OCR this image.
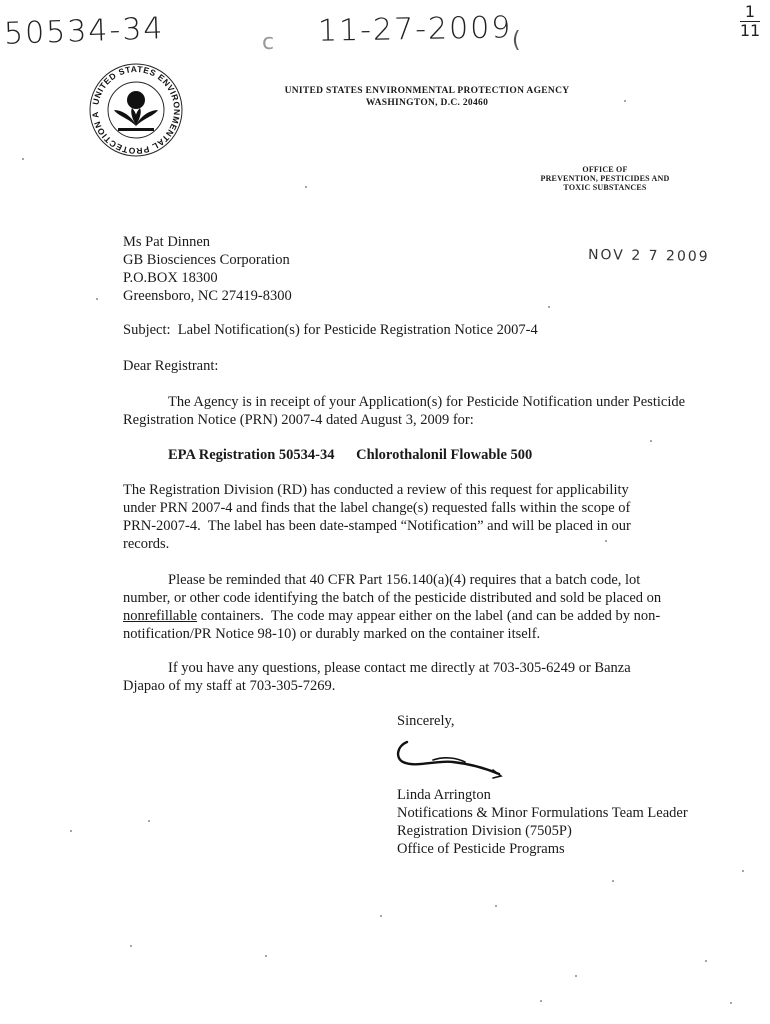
50534-34	c 11-27-2009 (
1
11
UNITED STATES ENVIRONMENTAL PROTECTION A
UNITED STATES ENVIRONMENTAL PROTECTION AGENCY
WASHINGTON, D.C. 20460
OFFICE OF
PREVENTION, PESTICIDES AND
TOXIC SUBSTANCES
Ms Pat Dinnen
GB Biosciences Corporation
P.O.BOX 18300
Greensboro, NC 27419-8300
NOV 2 7 2009
Subject:  Label Notification(s) for Pesticide Registration Notice 2007-4
Dear Registrant:
The Agency is in receipt of your Application(s) for Pesticide Notification under Pesticide Registration Notice (PRN) 2007-4 dated August 3, 2009 for:
EPA Registration 50534-34 Chlorothalonil Flowable 500
The Registration Division (RD) has conducted a review of this request for applicability under PRN 2007-4 and finds that the label change(s) requested falls within the scope of PRN-2007-4.  The label has been date-stamped “Notification” and will be placed in our records.
Please be reminded that 40 CFR Part 156.140(a)(4) requires that a batch code, lot number, or other code identifying the batch of the pesticide distributed and sold be placed on nonrefillable containers.  The code may appear either on the label (and can be added by non-notification/PR Notice 98-10) or durably marked on the container itself.
If you have any questions, please contact me directly at 703-305-6249 or Banza Djapao of my staff at 703-305-7269.
Sincerely,
Linda Arrington
Notifications & Minor Formulations Team Leader
Registration Division (7505P)
Office of Pesticide Programs
